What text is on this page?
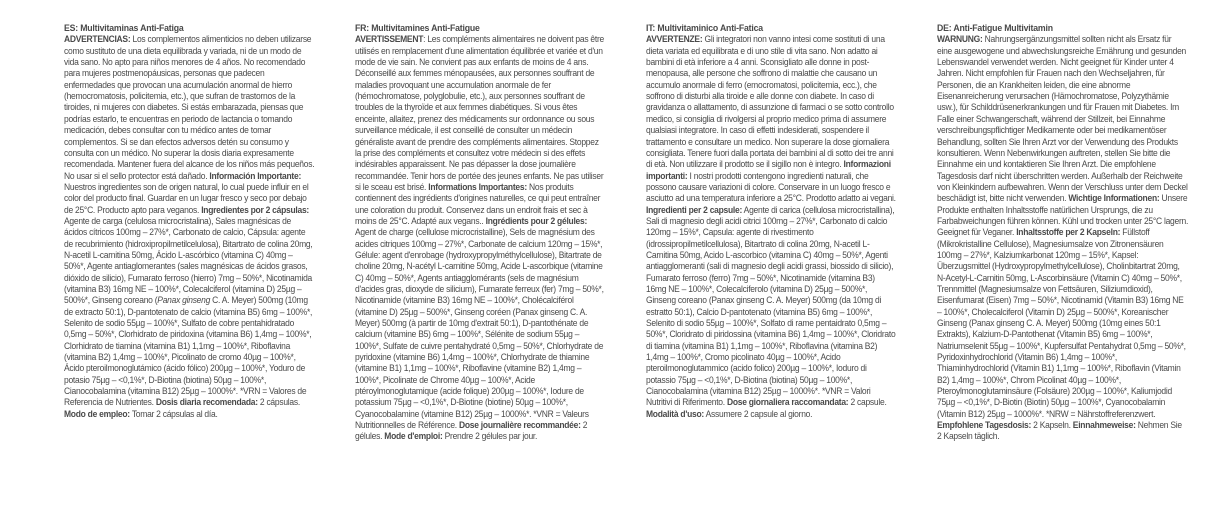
ES: Multivitaminas Anti-Fatiga

ADVERTENCIAS: Los complementos alimenticios no deben utilizarse como sustituto de una dieta equilibrada y variada, ni de un modo de vida sano. No apto para niños menores de 4 años. No recomendado para mujeres postmenopáusicas, personas que padecen enfermedades que provocan una acumulación anormal de hierro (hemocromatosis, policitemia, etc.), que sufran de trastornos de la tiroides, ni mujeres con diabetes. Si estás embarazada, piensas que podrías estarlo, te encuentras en periodo de lactancia o tomando medicación, debes consultar con tu médico antes de tomar complementos. Si se dan efectos adversos detén su consumo y consulta con un médico. No superar la dosis diaria expresamente recomendada. Mantener fuera del alcance de los niños más pequeños. No usar si el sello protector está dañado. Información Importante: Nuestros ingredientes son de origen natural, lo cual puede influir en el color del producto final. Guardar en un lugar fresco y seco por debajo de 25°C. Producto apto para veganos. Ingredientes por 2 cápsulas: Agente de carga (celulosa microcristalina), Sales magnésicas de ácidos cítricos 100mg – 27%*, Carbonato de calcio, Cápsula: agente de recubrimiento (hidroxipropilmetilcelulosa), Bitartrato de colina 20mg, N-acetil L-carnitina 50mg, Ácido L-ascórbico (vitamina C) 40mg – 50%*, Agente antiaglomerantes (sales magnésicas de ácidos grasos, dióxido de silicio), Fumarato ferroso (hierro) 7mg – 50%*, Nicotinamida (vitamina B3) 16mg NE – 100%*, Colecalciferol (vitamina D) 25µg – 500%*, Ginseng coreano (Panax ginseng C. A. Meyer) 500mg (10mg de extracto 50:1), D-pantotenato de calcio (vitamina B5) 6mg – 100%*, Selenito de sodio 55µg – 100%*, Sulfato de cobre pentahidratado 0,5mg – 50%*, Clorhidrato de piridoxina (vitamina B6) 1,4mg – 100%*, Clorhidrato de tiamina (vitamina B1) 1,1mg – 100%*, Riboflavina (vitamina B2) 1,4mg – 100%*, Picolinato de cromo 40µg – 100%*, Ácido pteroilmonoglutámico (ácido fólico) 200µg – 100%*, Yoduro de potasio 75µg – <0,1%*, D-Biotina (biotina) 50µg – 100%*, Cianocobalamina (vitamina B12) 25µg – 1000%*. *VRN = Valores de Referencia de Nutrientes. Dosis diaria recomendada: 2 cápsulas. Modo de empleo: Tomar 2 cápsulas al día.

FR: Multivitamines Anti-Fatigue

AVERTISSEMENT: Les compléments alimentaires ne doivent pas être utilisés en remplacement d'une alimentation équilibrée et variée et d'un mode de vie sain. Ne convient pas aux enfants de moins de 4 ans. Déconseillé aux femmes ménopausées, aux personnes souffrant de maladies provoquant une accumulation anormale de fer (hémochromatose, polyglobulie, etc.), aux personnes souffrant de troubles de la thyroïde et aux femmes diabétiques. Si vous êtes enceinte, allaitez, prenez des médicaments sur ordonnance ou sous surveillance médicale, il est conseillé de consulter un médecin généraliste avant de prendre des compléments alimentaires. Stoppez la prise des compléments et consultez votre médecin si des effets indésirables apparaissent. Ne pas dépasser la dose journalière recommandée. Tenir hors de portée des jeunes enfants. Ne pas utiliser si le sceau est brisé. Informations Importantes: Nos produits contiennent des ingrédients d'origines naturelles, ce qui peut entraîner une coloration du produit. Conservez dans un endroit frais et sec à moins de 25°C. Adapté aux vegans.. Ingrédients pour 2 gélules: Agent de charge (cellulose microcristalline), Sels de magnésium des acides citriques 100mg – 27%*, Carbonate de calcium 120mg – 15%*, Gélule: agent d'enrobage (hydroxypropylméthylcellulose), Bitartrate de choline 20mg, N-acétyl L-carnitine 50mg, Acide L-ascorbique (vitamine C) 40mg – 50%*, Agents antiagglomérants (sels de magnésium d'acides gras, dioxyde de silicium), Fumarate ferreux (fer) 7mg – 50%*, Nicotinamide (vitamine B3) 16mg NE – 100%*, Cholécalciférol (vitamine D) 25µg – 500%*, Ginseng coréen (Panax ginseng C. A. Meyer) 500mg (à partir de 10mg d'extrait 50:1), D-pantothénate de calcium (vitamine B5) 6mg – 100%*, Sélénite de sodium 55µg – 100%*, Sulfate de cuivre pentahydraté 0,5mg – 50%*, Chlorhydrate de pyridoxine (vitamine B6) 1,4mg – 100%*, Chlorhydrate de thiamine (vitamine B1) 1,1mg – 100%*, Riboflavine (vitamine B2) 1,4mg – 100%*, Picolinate de Chrome 40µg – 100%*, Acide ptéroylmonoglutamique (acide folique) 200µg – 100%*, Iodure de potassium 75µg – <0,1%*, D-Biotine (biotine) 50µg – 100%*, Cyanocobalamine (vitamine B12) 25µg – 1000%*. *VNR = Valeurs Nutritionnelles de Référence. Dose journalière recommandée: 2 gélules. Mode d'emploi: Prendre 2 gélules par jour.

IT: Multivitaminico Anti-Fatica

AVVERTENZE: Gli integratori non vanno intesi come sostituti di una dieta variata ed equilibrata e di uno stile di vita sano. Non adatto ai bambini di età inferiore a 4 anni. Sconsigliato alle donne in post-menopausa, alle persone che soffrono di malattie che causano un accumulo anormale di ferro (emocromatosi, policitemia, ecc.), che soffrono di disturbi alla tiroide e alle donne con diabete. In caso di gravidanza o allattamento, di assunzione di farmaci o se sotto controllo medico, si consiglia di rivolgersi al proprio medico prima di assumere qualsiasi integratore. In caso di effetti indesiderati, sospendere il trattamento e consultare un medico. Non superare la dose giornaliera consigliata. Tenere fuori dalla portata dei bambini al di sotto dei tre anni di età. Non utilizzare il prodotto se il sigillo non è integro. Informazioni importanti: I nostri prodotti contengono ingredienti naturali, che possono causare variazioni di colore. Conservare in un luogo fresco e asciutto ad una temperatura inferiore a 25°C. Prodotto adatto ai vegani. Ingredienti per 2 capsule: Agente di carica (cellulosa microcristallina), Sali di magnesio degli acidi citrici 100mg – 27%*, Carbonato di calcio 120mg – 15%*, Capsula: agente di rivestimento (idrossipropilmetilcellulosa), Bitartrato di colina 20mg, N-acetil L-Carnitina 50mg, Acido L-ascorbico (vitamina C) 40mg – 50%*, Agenti antiagglomeranti (sali di magnesio degli acidi grassi, biossido di silicio), Fumarato ferroso (ferro) 7mg – 50%*, Nicotinamide (vitamina B3) 16mg NE – 100%*, Colecalciferolo (vitamina D) 25µg – 500%*, Ginseng coreano (Panax ginseng C. A. Meyer) 500mg (da 10mg di estratto 50:1), Calcio D-pantotenato (vitamina B5) 6mg – 100%*, Selenito di sodio 55µg – 100%*, Solfato di rame pentaidrato 0,5mg – 50%*, Cloridrato di piridossina (vitamina B6) 1,4mg – 100%*, Cloridrato di tiamina (vitamina B1) 1,1mg – 100%*, Riboflavina (vitamina B2) 1,4mg – 100%*, Cromo picolinato 40µg – 100%*, Acido pteroilmonoglutammico (acido folico) 200µg – 100%*, Ioduro di potassio 75µg – <0,1%*, D-Biotina (biotina) 50µg – 100%*, Cianocobalamina (vitamina B12) 25µg – 1000%*. *VNR = Valori Nutritivi di Riferimento. Dose giornaliera raccomandata: 2 capsule. Modalità d'uso: Assumere 2 capsule al giorno.

DE: Anti-Fatigue Multivitamin

WARNUNG: Nahrungsergänzungsmittel sollten nicht als Ersatz für eine ausgewogene und abwechslungsreiche Ernährung und gesunden Lebenswandel verwendet werden. Nicht geeignet für Kinder unter 4 Jahren. Nicht empfohlen für Frauen nach den Wechseljahren, für Personen, die an Krankheiten leiden, die eine abnorme Eisenanreicherung verursachen (Hämochromatose, Polyzythämie usw.), für Schilddrüsenerkrankungen und für Frauen mit Diabetes. Im Falle einer Schwangerschaft, während der Stillzeit, bei Einnahme verschreibungspflichtiger Medikamente oder bei medikamentöser Behandlung, sollten Sie Ihren Arzt vor der Verwendung des Produkts konsultieren. Wenn Nebenwirkungen auftreten, stellen Sie bitte die Einnahme ein und kontaktieren Sie Ihren Arzt. Die empfohlene Tagesdosis darf nicht überschritten werden. Außerhalb der Reichweite von Kleinkindern aufbewahren. Wenn der Verschluss unter dem Deckel beschädigt ist, bitte nicht verwenden. Wichtige Informationen: Unsere Produkte enthalten Inhaltsstoffe natürlichen Ursprungs, die zu Farbabweichungen führen können. Kühl und trocken unter 25°C lagern. Geeignet für Veganer. Inhaltsstoffe per 2 Kapseln: Füllstoff (Mikrokristalline Cellulose), Magnesiumsalze von Zitronensäuren 100mg – 27%*, Kalziumkarbonat 120mg – 15%*, Kapsel: Überzugsmittel (Hydroxypropylmethylcellulose), Cholinbitartrat 20mg, N-Acetyl-L-Carnitin 50mg, L-Ascorbinsäure (Vitamin C) 40mg – 50%*, Trennmittel (Magnesiumsalze von Fettsäuren, Siliziumdioxid), Eisenfumarat (Eisen) 7mg – 50%*, Nicotinamid (Vitamin B3) 16mg NE – 100%*, Cholecalciferol (Vitamin D) 25µg – 500%*, Koreanischer Ginseng (Panax ginseng C. A. Meyer) 500mg (10mg eines 50:1 Extrakts), Kalzium-D-Pantothenat (Vitamin B5) 6mg – 100%*, Natriumselenit 55µg – 100%*, Kupfersulfat Pentahydrat 0,5mg – 50%*, Pyridoxinhydrochlorid (Vitamin B6) 1,4mg – 100%*, Thiaminhydrochlorid (Vitamin B1) 1,1mg – 100%*, Riboflavin (Vitamin B2) 1,4mg – 100%*, Chrom Picolinat 40µg – 100%*, Pteroylmonoglutaminsäure (Folsäure) 200µg – 100%*, Kaliumjodid 75µg – <0,1%*, D-Biotin (Biotin) 50µg – 100%*, Cyanocobalamin (Vitamin B12) 25µg – 1000%*. *NRW = Nährstoffreferenzwert. Empfohlene Tagesdosis: 2 Kapseln. Einnahmeweise: Nehmen Sie 2 Kapseln täglich.
